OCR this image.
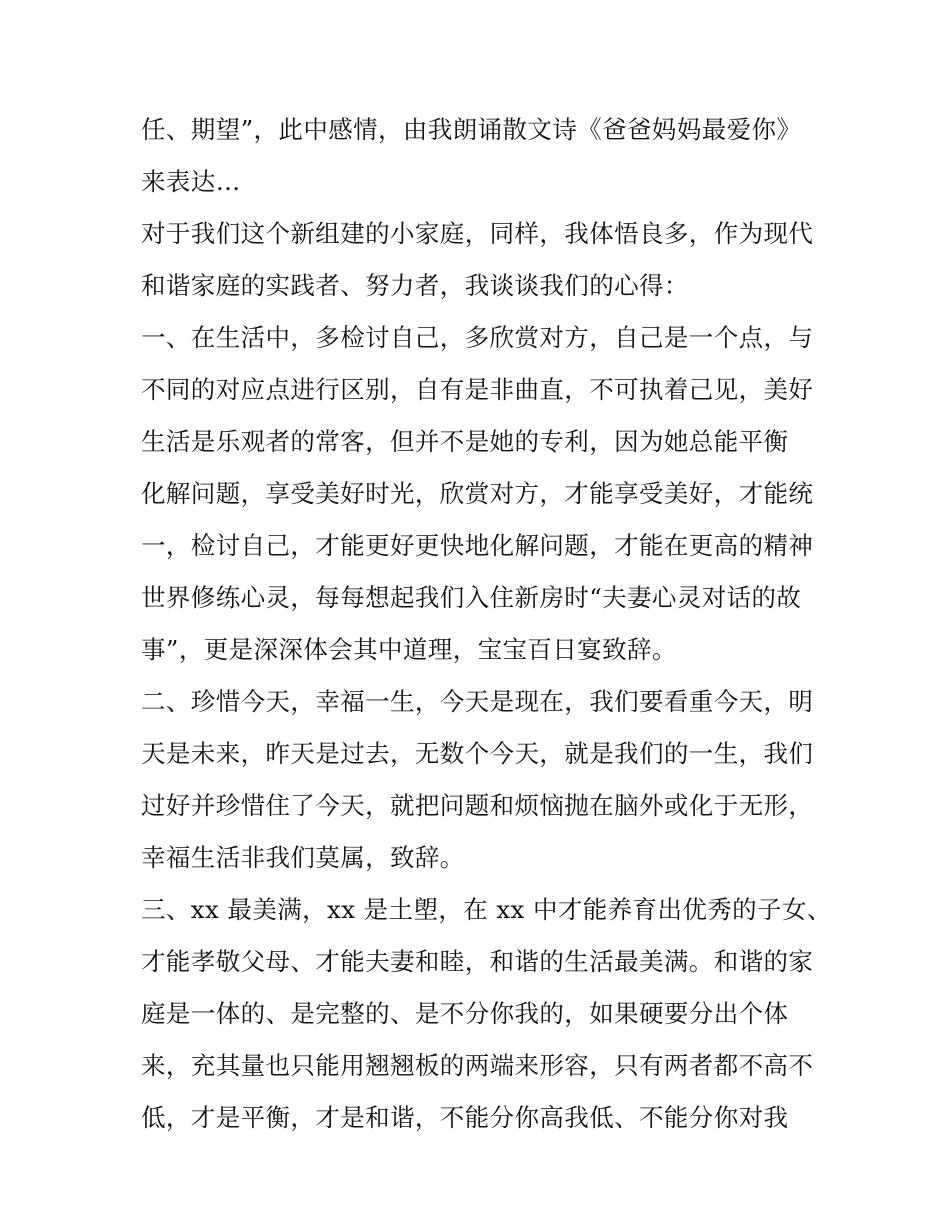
任、期望”，此中感情，由我朗诵散文诗《爸爸妈妈最爱你》
来表达…
对于我们这个新组建的小家庭，同样，我体悟良多，作为现代
和谐家庭的实践者、努力者，我谈谈我们的心得：
一、在生活中，多检讨自己，多欣赏对方，自己是一个点，与
不同的对应点进行区别，自有是非曲直，不可执着己见，美好
生活是乐观者的常客，但并不是她的专利，因为她总能平衡
化解问题，享受美好时光，欣赏对方，才能享受美好，才能统
一，检讨自己，才能更好更快地化解问题，才能在更高的精神
世界修练心灵，每每想起我们入住新房时“夫妻心灵对话的故
事”，更是深深体会其中道理，宝宝百日宴致辞。
二、珍惜今天，幸福一生，今天是现在，我们要看重今天，明
天是未来，昨天是过去，无数个今天，就是我们的一生，我们
过好并珍惜住了今天，就把问题和烦恼抛在脑外或化于无形，
幸福生活非我们莫属，致辞。
三、xx 最美满，xx 是土塱，在 xx 中才能养育出优秀的子女、
才能孝敬父母、才能夫妻和睦，和谐的生活最美满。和谐的家
庭是一体的、是完整的、是不分你我的，如果硬要分出个体
来，充其量也只能用翘翘板的两端来形容，只有两者都不高不
低，才是平衡，才是和谐，不能分你高我低、不能分你对我
